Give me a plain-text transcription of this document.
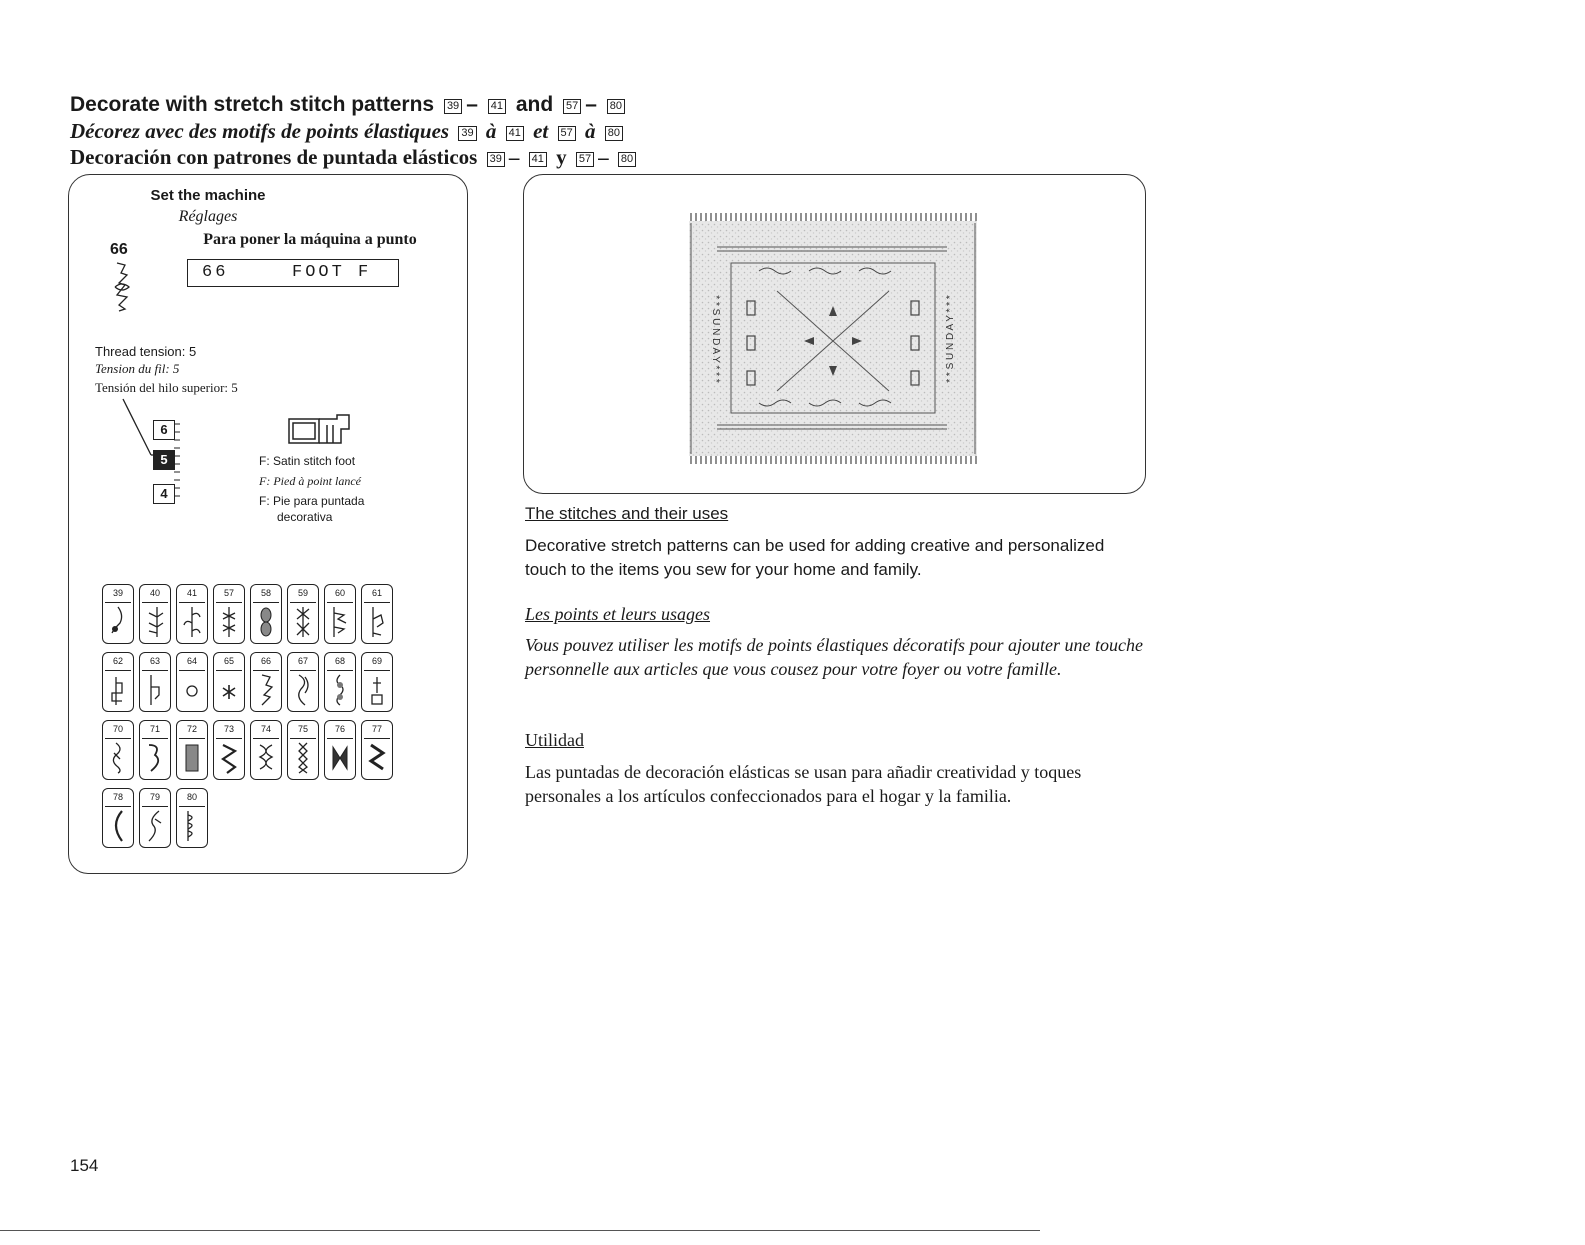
Decorate with stretch stitch patterns 39 – 41 and 57 – 80
Décorez avec des motifs de points élastiques 39 à 41 et 57 à 80
Decoración con patrones de puntada elásticos 39 – 41 y 57 – 80
Set the machine
Réglages
Para poner la máquina a punto
66
66	FOOT F
Thread tension: 5
Tension du fil: 5
Tensión del hilo superior: 5
6
5
4
F: Satin stitch foot
F: Pied à point lancé
F: Pie para puntada
decorativa
39	40	41	57	58	59	60	61
62	63	64	65	66	67	68	69
70	71	72	73	74	75	76	77
78	79	80
* * S U N D A Y * * *	* * S U N D A Y * * *
The stitches and their uses
Decorative stretch patterns can be used for adding creative and personalized touch to the items you sew for your home and family.
Les points et leurs usages
Vous pouvez utiliser les motifs de points élastiques décoratifs pour ajouter une touche personnelle aux articles que vous cousez pour votre foyer ou votre famille.
Utilidad
Las puntadas de decoración elásticas se usan para añadir creatividad y toques personales a los artículos confeccionados para el hogar y la familia.
154
